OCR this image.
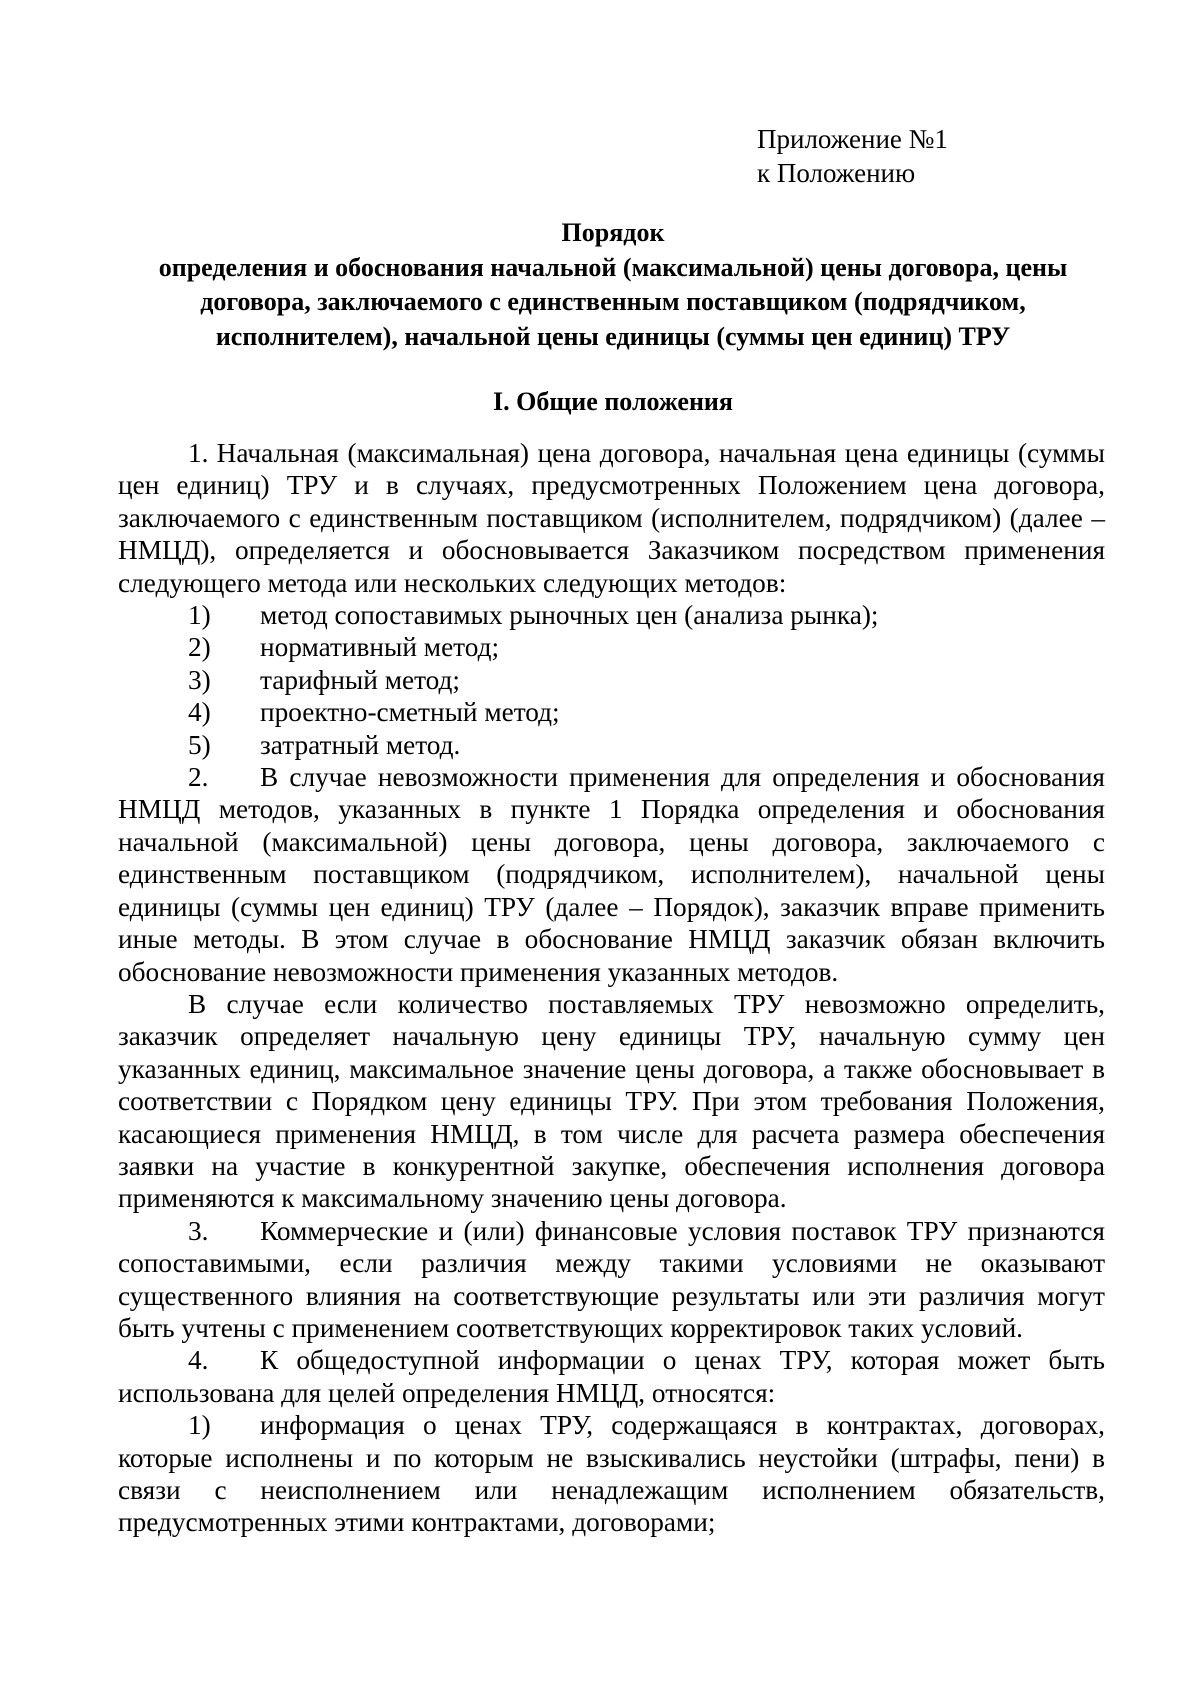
Приложение №1
к Положению
Порядок
определения и обоснования начальной (максимальной) цены договора, цены
договора, заключаемого с единственным поставщиком (подрядчиком,
исполнителем), начальной цены единицы (суммы цен единиц) ТРУ
I. Общие положения

1. Начальная (максимальная) цена договора, начальная цена единицы (суммы цен единиц) ТРУ и в случаях, предусмотренных Положением цена договора, заключаемого с единственным поставщиком (исполнителем, подрядчиком) (далее – НМЦД), определяется и обосновывается Заказчиком посредством применения следующего метода или нескольких следующих методов:

1)	метод сопоставимых рыночных цен (анализа рынка);
2)	нормативный метод;
3)	тарифный метод;
4)	проектно-сметный метод;
5)	затратный метод.

2. В случае невозможности применения для определения и обоснования НМЦД методов, указанных в пункте 1 Порядка определения и обоснования начальной (максимальной) цены договора, цены договора, заключаемого с единственным поставщиком (подрядчиком, исполнителем), начальной цены единицы (суммы цен единиц) ТРУ (далее – Порядок), заказчик вправе применить иные методы. В этом случае в обоснование НМЦД заказчик обязан включить обоснование невозможности применения указанных методов.

В случае если количество поставляемых ТРУ невозможно определить, заказчик определяет начальную цену единицы ТРУ, начальную сумму цен указанных единиц, максимальное значение цены договора, а также обосновывает в соответствии с Порядком цену единицы ТРУ. При этом требования Положения, касающиеся применения НМЦД, в том числе для расчета размера обеспечения заявки на участие в конкурентной закупке, обеспечения исполнения договора применяются к максимальному значению цены договора.

3. Коммерческие и (или) финансовые условия поставок ТРУ признаются сопоставимыми, если различия между такими условиями не оказывают существенного влияния на соответствующие результаты или эти различия могут быть учтены с применением соответствующих корректировок таких условий.

4. К общедоступной информации о ценах ТРУ, которая может быть использована для целей определения НМЦД, относятся:

1) информация о ценах ТРУ, содержащаяся в контрактах, договорах, которые исполнены и по которым не взыскивались неустойки (штрафы, пени) в связи с неисполнением или ненадлежащим исполнением обязательств, предусмотренных этими контрактами, договорами;
